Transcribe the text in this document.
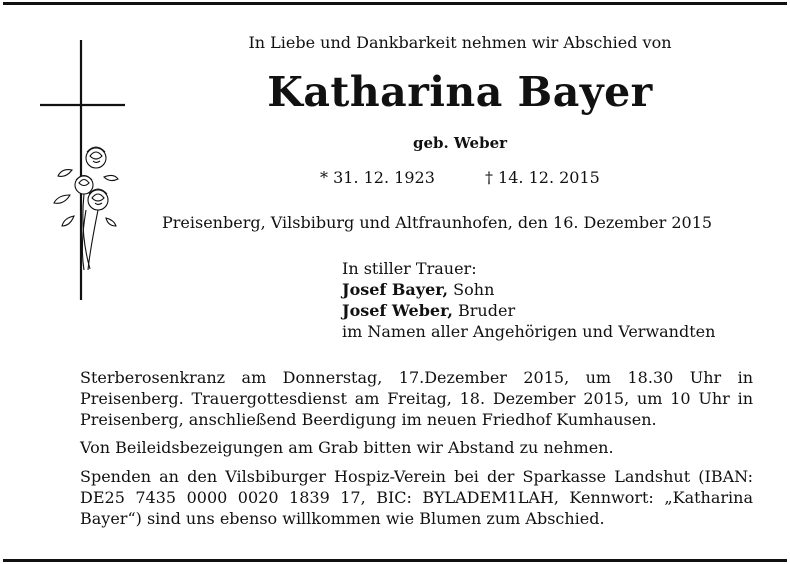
In Liebe und Dankbarkeit nehmen wir Abschied von
Katharina Bayer
geb. Weber
* 31. 12. 1923	† 14. 12. 2015
Preisenberg, Vilsbiburg und Altfraunhofen, den 16. Dezember 2015
In stiller Trauer:
Josef Bayer, Sohn
Josef Weber, Bruder
im Namen aller Angehörigen und Verwandten
Sterberosenkranz am Donnerstag, 17.Dezember 2015, um 18.30 Uhr in Preisenberg. Trauergottesdienst am Freitag, 18. Dezember 2015, um 10 Uhr in Preisenberg, anschließend Beerdigung im neuen Friedhof Kumhausen.
Von Beileidsbezeigungen am Grab bitten wir Abstand zu nehmen.
Spenden an den Vilsbiburger Hospiz-Verein bei der Sparkasse Landshut (IBAN: DE25 7435 0000 0020 1839 17, BIC: BYLADEM1LAH, Kennwort: „Katharina Bayer“) sind uns ebenso willkommen wie Blumen zum Abschied.
